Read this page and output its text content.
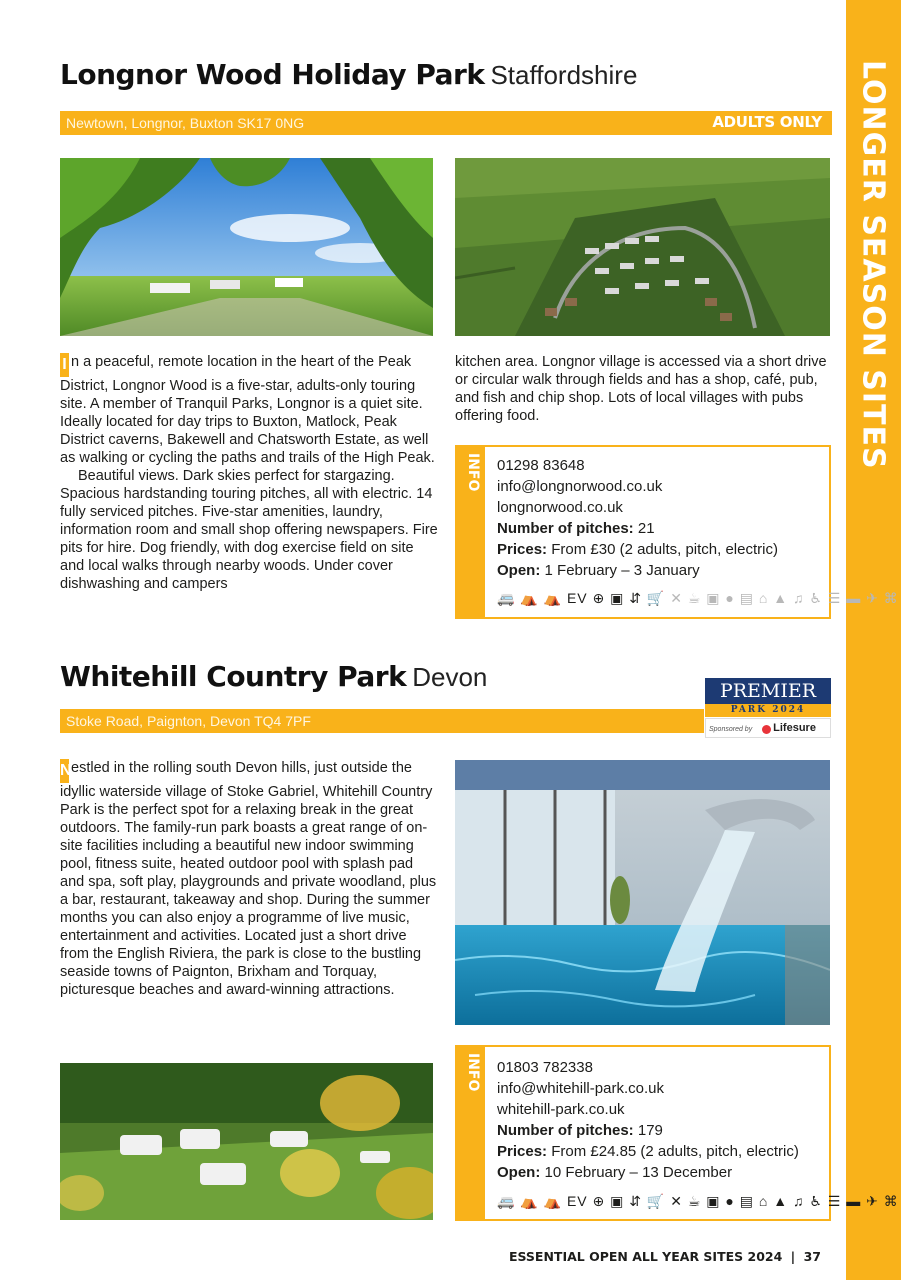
LONGER SEASON SITES
Longnor Wood Holiday Park Staffordshire
Newtown, Longnor, Buxton SK17 0NG	ADULTS ONLY

I n a peaceful, remote location in the heart of the Peak District, Longnor Wood is a five-star, adults-only touring site. A member of Tranquil Parks, Longnor is a quiet site. Ideally located for day trips to Buxton, Matlock, Peak District caverns, Bakewell and Chatsworth Estate, as well as walking or cycling the paths and trails of the High Peak.

Beautiful views. Dark skies perfect for stargazing. Spacious hardstanding touring pitches, all with electric. 14 fully serviced pitches. Five-star amenities, laundry, information room and small shop offering newspapers. Fire pits for hire. Dog friendly, with dog exercise field on site and local walks through nearby woods. Under cover dishwashing and campers

kitchen area. Longnor village is accessed via a short drive or circular walk through fields and has a shop, café, pub, and fish and chip shop. Lots of local villages with pubs offering food.
INFO 01298 83648
info@longnorwood.co.uk
longnorwood.co.uk
Number of pitches: 21
Prices: From £30 (2 adults, pitch, electric)
Open: 1 February – 3 January
🚐 ⛺ ⛺ EV ⊕ ▣ ⇵ 🛒 ✕ ☕ ▣ ● ▤ ⌂ ▲ ♫ ♿ ☰ ▬ ✈ ⌘
Whitehill Country Park Devon
Stoke Road, Paignton, Devon TQ4 7PF
PREMIER
PARK 2024
Sponsored by Lifesure

Nestled in the rolling south Devon hills, just outside the idyllic waterside village of Stoke Gabriel, Whitehill Country Park is the perfect spot for a relaxing break in the great outdoors. The family-run park boasts a great range of on-site facilities including a beautiful new indoor swimming pool, fitness suite, heated outdoor pool with splash pad and spa, soft play, playgrounds and private woodland, plus a bar, restaurant, takeaway and shop. During the summer months you can also enjoy a programme of live music, entertainment and activities. Located just a short drive from the English Riviera, the park is close to the bustling seaside towns of Paignton, Brixham and Torquay, picturesque beaches and award-winning attractions.

INFO 01803 782338
info@whitehill-park.co.uk
whitehill-park.co.uk
Number of pitches: 179
Prices: From £24.85 (2 adults, pitch, electric)
Open: 10 February – 13 December
🚐 ⛺ ⛺ EV ⊕ ▣ ⇵ 🛒 ✕ ☕ ▣ ● ▤ ⌂ ▲ ♫ ♿ ☰ ▬ ✈ ⌘
ESSENTIAL OPEN ALL YEAR SITES 2024 | 37
